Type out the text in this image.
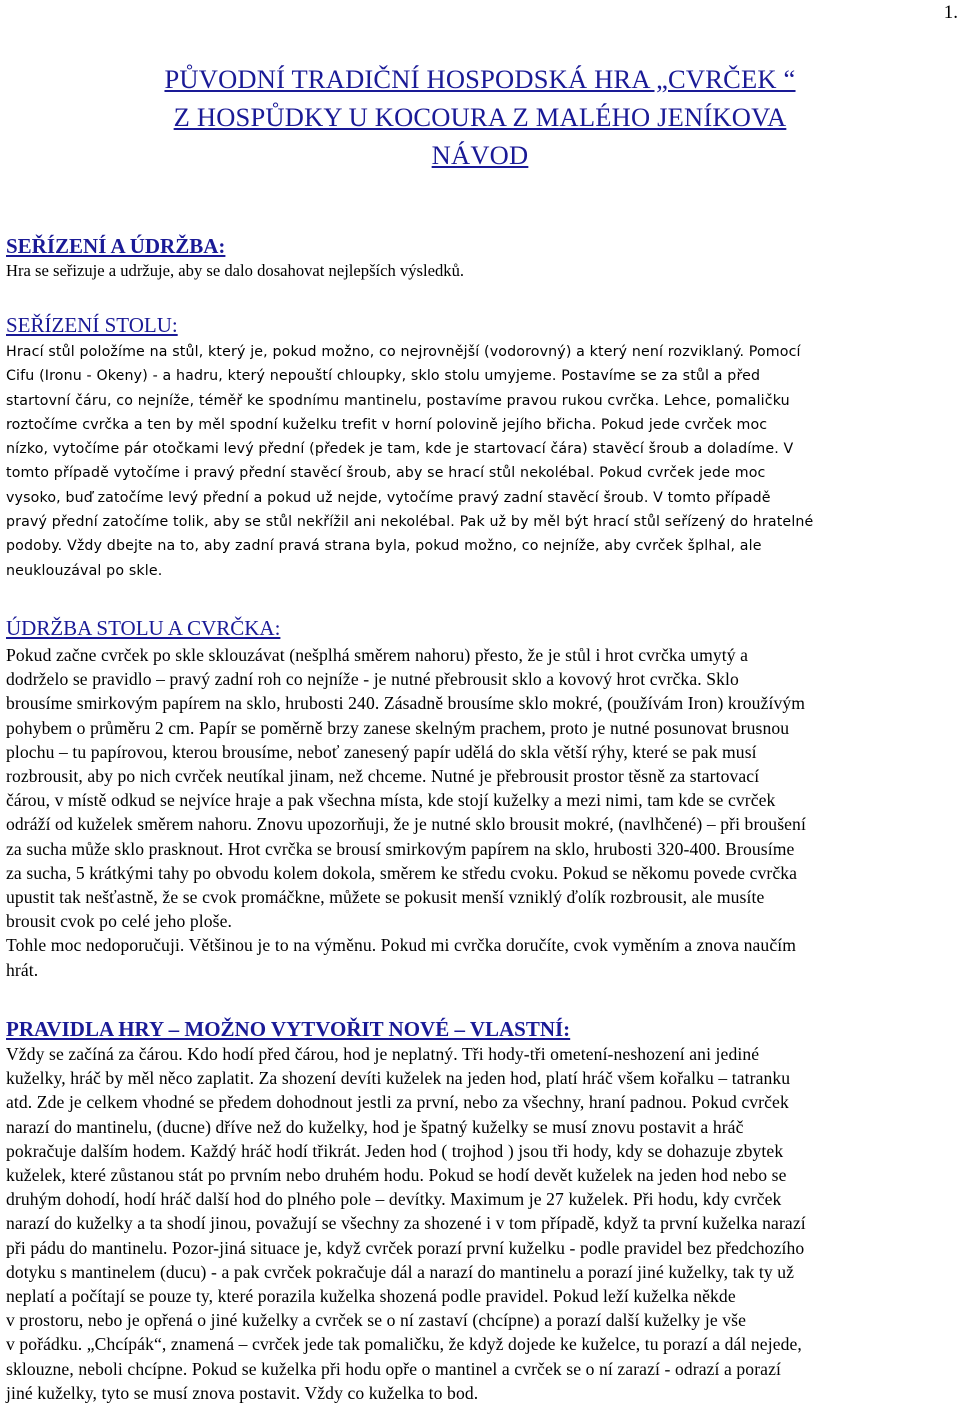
1.
PŮVODNÍ TRADIČNÍ HOSPODSKÁ HRA „CVRČEK “
Z HOSPŮDKY U KOCOURA Z MALÉHO JENÍKOVA
NÁVOD
SEŘÍZENÍ A ÚDRŽBA:
Hra se seřizuje a udržuje, aby se dalo dosahovat nejlepších výsledků.
SEŘÍZENÍ STOLU:
Hrací stůl položíme na stůl, který je, pokud možno, co nejrovnější (vodorovný) a který není rozviklaný. Pomocí
Cifu (Ironu - Okeny) - a hadru, který nepouští chloupky, sklo stolu umyjeme. Postavíme se za stůl a před
startovní čáru, co nejníže, téměř ke spodnímu mantinelu, postavíme pravou rukou cvrčka. Lehce, pomaličku
roztočíme cvrčka a ten by měl spodní kuželku trefit v horní polovině jejího břicha. Pokud jede cvrček moc
nízko, vytočíme pár otočkami levý přední (předek je tam, kde je startovací čára) stavěcí šroub a doladíme. V
tomto případě vytočíme i pravý přední stavěcí šroub, aby se hrací stůl nekolébal. Pokud cvrček jede moc
vysoko, buď zatočíme levý přední a pokud už nejde, vytočíme pravý zadní stavěcí šroub. V tomto případě
pravý přední zatočíme tolik, aby se stůl nekřížil ani nekolébal. Pak už by měl být hrací stůl seřízený do hratelné
podoby. Vždy dbejte na to, aby zadní pravá strana byla, pokud možno, co nejníže, aby cvrček šplhal, ale
neuklouzával po skle.
ÚDRŽBA STOLU A CVRČKA:
Pokud začne cvrček po skle sklouzávat (nešplhá směrem nahoru) přesto, že je stůl i hrot cvrčka umytý a
dodrželo se pravidlo – pravý zadní roh co nejníže - je nutné přebrousit sklo a kovový hrot cvrčka. Sklo
brousíme smirkovým papírem na sklo, hrubosti 240. Zásadně brousíme sklo mokré, (používám Iron) kroužívým
pohybem o průměru 2 cm. Papír se poměrně brzy zanese skelným prachem, proto je nutné posunovat brusnou
plochu – tu papírovou, kterou brousíme, neboť zanesený papír udělá do skla větší rýhy, které se pak musí
rozbrousit, aby po nich cvrček neutíkal jinam, než chceme. Nutné je přebrousit prostor těsně za startovací
čárou, v místě odkud se nejvíce hraje a pak všechna místa, kde stojí kuželky a mezi nimi, tam kde se cvrček
odráží od kuželek směrem nahoru. Znovu upozorňuji, že je nutné sklo brousit mokré, (navlhčené) – při broušení
za sucha může sklo prasknout. Hrot cvrčka se brousí smirkovým papírem na sklo, hrubosti 320-400. Brousíme
za sucha, 5 krátkými tahy po obvodu kolem dokola, směrem ke středu cvoku. Pokud se někomu povede cvrčka
upustit tak nešťastně, že se cvok promáčkne, můžete se pokusit menší vzniklý ďolík rozbrousit, ale musíte
brousit cvok po celé jeho ploše.
Tohle moc nedoporučuji. Většinou je to na výměnu. Pokud mi cvrčka doručíte, cvok vyměním a znova naučím
hrát.
PRAVIDLA HRY – MOŽNO VYTVOŘIT NOVÉ – VLASTNÍ:
Vždy se začíná za čárou. Kdo hodí před čárou, hod je neplatný. Tři hody-tři ometení-neshození ani jediné
kuželky, hráč by měl něco zaplatit. Za shození devíti kuželek na jeden hod, platí hráč všem kořalku – tatranku
atd. Zde je celkem vhodné se předem dohodnout jestli za první, nebo za všechny, hraní padnou. Pokud cvrček
narazí do mantinelu, (ducne) dříve než do kuželky, hod je špatný kuželky se musí znovu postavit a hráč
pokračuje dalším hodem. Každý hráč hodí třikrát. Jeden hod ( trojhod ) jsou tři hody, kdy se dohazuje zbytek
kuželek, které zůstanou stát po prvním nebo druhém hodu. Pokud se hodí devět kuželek na jeden hod nebo se
druhým dohodí, hodí hráč další hod do plného pole – devítky. Maximum je 27 kuželek. Při hodu, kdy cvrček
narazí do kuželky a ta shodí jinou, považují se všechny za shozené i v tom případě, když ta první kuželka narazí
při pádu do mantinelu. Pozor-jiná situace je, když cvrček porazí první kuželku - podle pravidel bez předchozího
dotyku s mantinelem (ducu) - a pak cvrček pokračuje dál a narazí do mantinelu a porazí jiné kuželky, tak ty už
neplatí a počítají se pouze ty, které porazila kuželka shozená podle pravidel. Pokud leží kuželka někde
v prostoru, nebo je opřená o jiné kuželky a cvrček se o ní zastaví (chcípne) a porazí další kuželky je vše
v pořádku. „Chcípák“, znamená – cvrček jede tak pomaličku, že když dojede ke kuželce, tu porazí a dál nejede,
sklouzne, neboli chcípne. Pokud se kuželka při hodu opře o mantinel a cvrček se o ní zarazí - odrazí a porazí
jiné kuželky, tyto se musí znova postavit. Vždy co kuželka to bod.
